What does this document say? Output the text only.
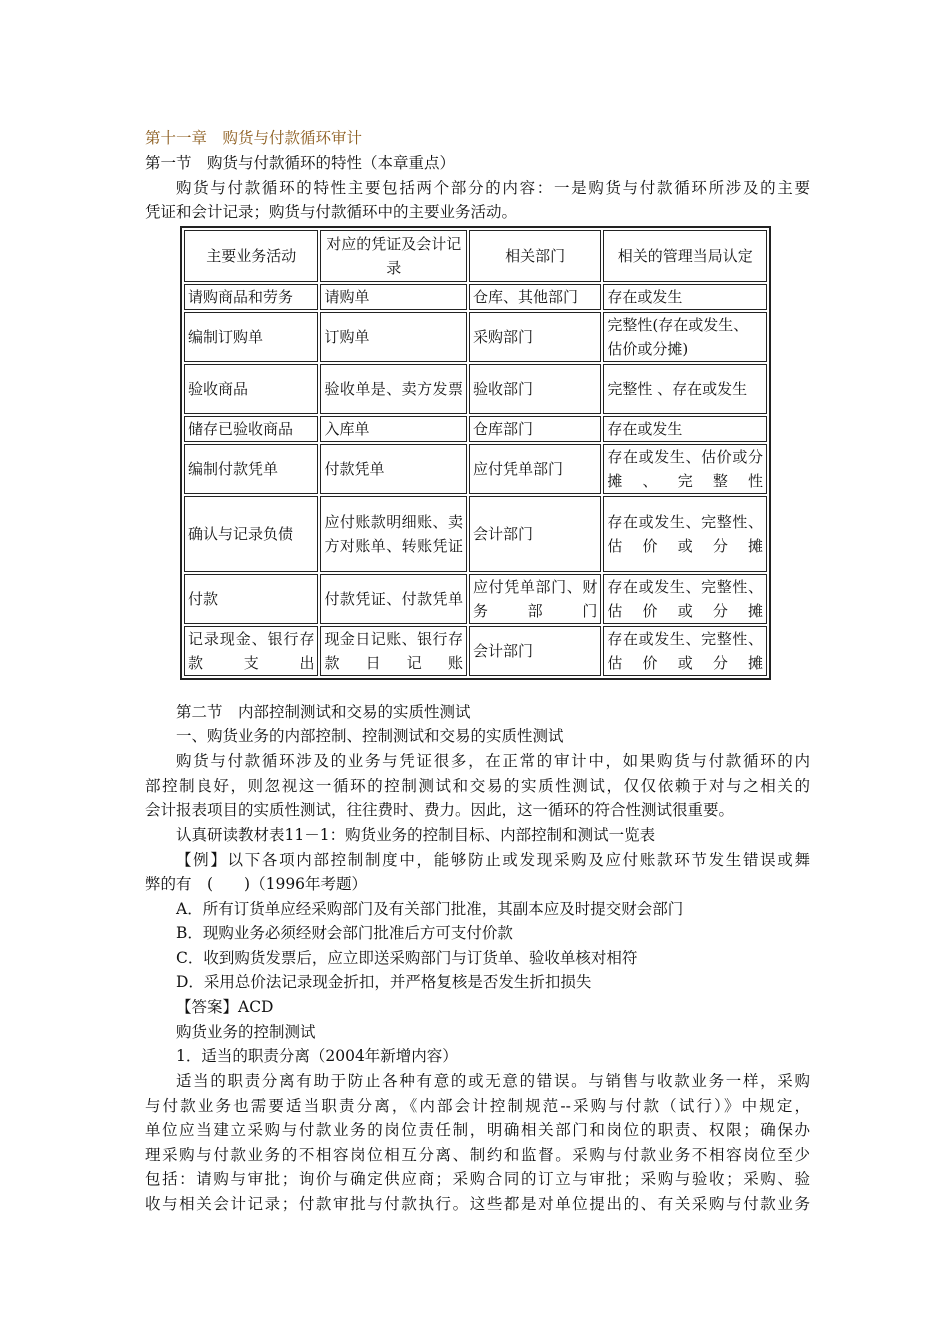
第十一章　购货与付款循环审计
第一节　购货与付款循环的特性（本章重点）
购货与付款循环的特性主要包括两个部分的内容：一是购货与付款循环所涉及的主要
凭证和会计记录；购货与付款循环中的主要业务活动。
主要业务活动	对应的凭证及会计记录	相关部门	相关的管理当局认定
请购商品和劳务	请购单	仓库、其他部门	存在或发生
编制订购单	订购单	采购部门	完整性(存在或发生、估价或分摊)
验收商品	验收单是、卖方发票	验收部门	完整性 、存在或发生
储存已验收商品	入库单	仓库部门	存在或发生
编制付款凭单	付款凭单	应付凭单部门	存在或发生、估价或分摊、完整性
确认与记录负债	应付账款明细账、卖方对账单、转账凭证	会计部门	存在或发生、完整性、估价或分摊
付款	付款凭证、付款凭单	应付凭单部门、财务部门	存在或发生、完整性、估价或分摊
记录现金、银行存款支出	现金日记账、银行存款日记账	会计部门	存在或发生、完整性、估价或分摊
第二节　内部控制测试和交易的实质性测试
一、购货业务的内部控制、控制测试和交易的实质性测试
购货与付款循环涉及的业务与凭证很多，在正常的审计中，如果购货与付款循环的内
部控制良好，则忽视这一循环的控制测试和交易的实质性测试，仅仅依赖于对与之相关的
会计报表项目的实质性测试，往往费时、费力。因此，这一循环的符合性测试很重要。
认真研读教材表11－1：购货业务的控制目标、内部控制和测试一览表
【例】以下各项内部控制制度中，能够防止或发现采购及应付账款环节发生错误或舞
弊的有　(　　)（1996年考题）
A．所有订货单应经采购部门及有关部门批准，其副本应及时提交财会部门
B．现购业务必须经财会部门批准后方可支付价款
C．收到购货发票后，应立即送采购部门与订货单、验收单核对相符
D．采用总价法记录现金折扣，并严格复核是否发生折扣损失
【答案】ACD
购货业务的控制测试
1．适当的职责分离（2004年新增内容）
适当的职责分离有助于防止各种有意的或无意的错误。与销售与收款业务一样，采购
与付款业务也需要适当职责分离，《内部会计控制规范--采购与付款（试行）》中规定，
单位应当建立采购与付款业务的岗位责任制，明确相关部门和岗位的职责、权限；确保办
理采购与付款业务的不相容岗位相互分离、制约和监督。采购与付款业务不相容岗位至少
包括：请购与审批；询价与确定供应商；采购合同的订立与审批；采购与验收；采购、验
收与相关会计记录；付款审批与付款执行。这些都是对单位提出的、有关采购与付款业务
